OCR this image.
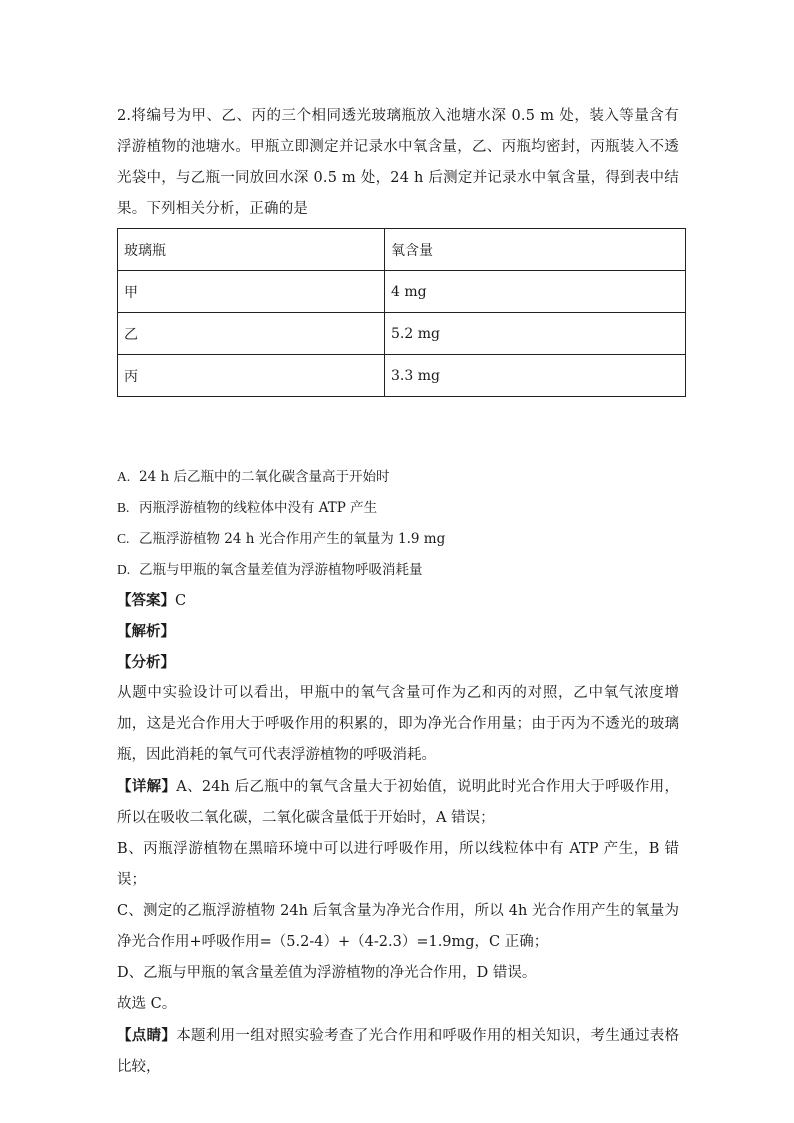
2.将编号为甲、乙、丙的三个相同透光玻璃瓶放入池塘水深 0.5 m 处，装入等量含有浮游植物的池塘水。甲瓶立即测定并记录水中氧含量，乙、丙瓶均密封，丙瓶装入不透光袋中，与乙瓶一同放回水深 0.5 m 处，24 h 后测定并记录水中氧含量，得到表中结果。下列相关分析，正确的是

玻璃瓶	氧含量
甲	4 mg
乙	5.2 mg
丙	3.3 mg
A. 24 h 后乙瓶中的二氧化碳含量高于开始时
B. 丙瓶浮游植物的线粒体中没有 ATP 产生
C. 乙瓶浮游植物 24 h 光合作用产生的氧量为 1.9 mg
D. 乙瓶与甲瓶的氧含量差值为浮游植物呼吸消耗量
【答案】C
【解析】
【分析】

从题中实验设计可以看出，甲瓶中的氧气含量可作为乙和丙的对照，乙中氧气浓度增加，这是光合作用大于呼吸作用的积累的，即为净光合作用量；由于丙为不透光的玻璃瓶，因此消耗的氧气可代表浮游植物的呼吸消耗。

【详解】A、24h 后乙瓶中的氧气含量大于初始值，说明此时光合作用大于呼吸作用，所以在吸收二氧化碳，二氧化碳含量低于开始时，A 错误；

B、丙瓶浮游植物在黑暗环境中可以进行呼吸作用，所以线粒体中有 ATP 产生，B 错误；

C、测定的乙瓶浮游植物 24h 后氧含量为净光合作用，所以 4h 光合作用产生的氧量为净光合作用+呼吸作用=（5.2-4）+（4-2.3）=1.9mg，C 正确；

D、乙瓶与甲瓶的氧含量差值为浮游植物的净光合作用，D 错误。

故选 C。

【点睛】本题利用一组对照实验考查了光合作用和呼吸作用的相关知识，考生通过表格比较，
